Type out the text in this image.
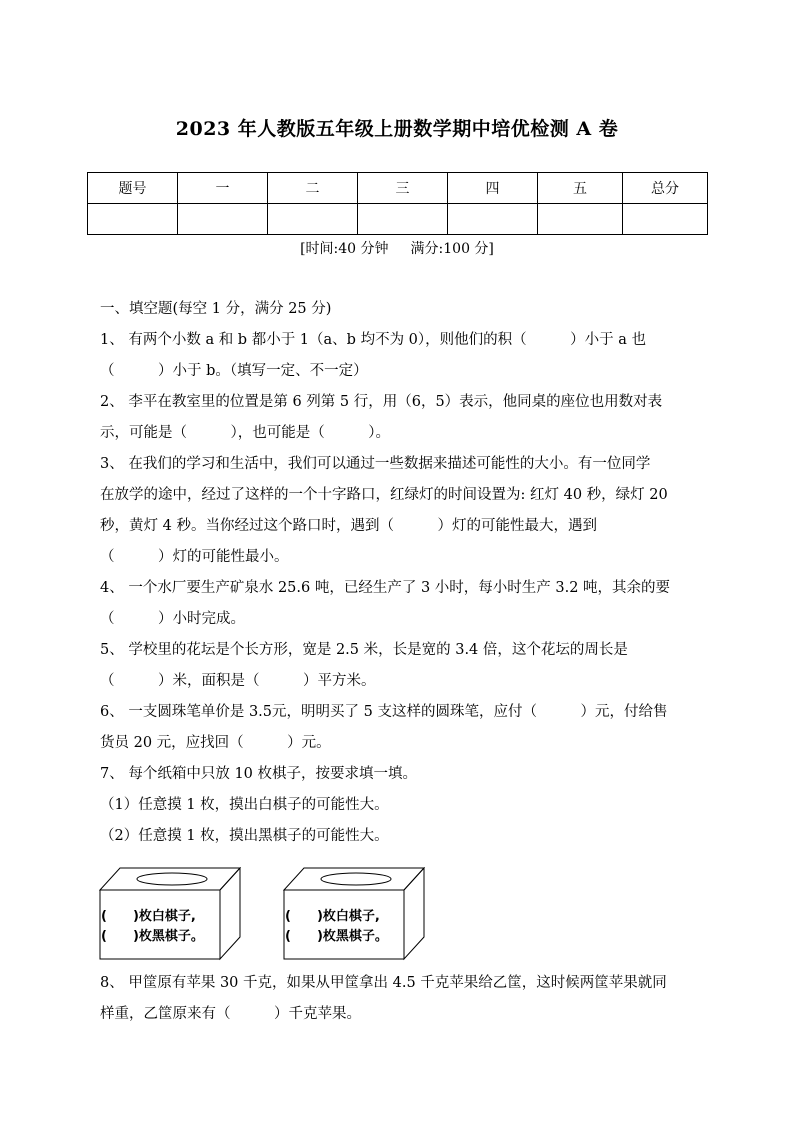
2023 年人教版五年级上册数学期中培优检测 A 卷
题号	一	二	三	四	五	总分

[时间:40 分钟 满分:100 分]
一、填空题(每空 1 分，满分 25 分)
1、 有两个小数 a 和 b 都小于 1（a、b 均不为 0），则他们的积（　　　）小于 a 也
（　　　）小于 b。（填写一定、不一定）
2、 李平在教室里的位置是第 6 列第 5 行，用（6，5）表示，他同桌的座位也用数对表
示，可能是（　　　），也可能是（　　　）。
3、 在我们的学习和生活中，我们可以通过一些数据来描述可能性的大小。有一位同学
在放学的途中，经过了这样的一个十字路口，红绿灯的时间设置为: 红灯 40 秒，绿灯 20
秒，黄灯 4 秒。当你经过这个路口时，遇到（　　　）灯的可能性最大，遇到
（　　　）灯的可能性最小。
4、 一个水厂要生产矿泉水 25.6 吨，已经生产了 3 小时，每小时生产 3.2 吨，其余的要
（　　　）小时完成。
5、 学校里的花坛是个长方形，宽是 2.5 米，长是宽的 3.4 倍，这个花坛的周长是
（　　　）米，面积是（　　　）平方米。
6、 一支圆珠笔单价是 3.5元，明明买了 5 支这样的圆珠笔，应付（　　　）元，付给售
货员 20 元，应找回（　　　）元。
7、 每个纸箱中只放 10 枚棋子，按要求填一填。
（1）任意摸 1 枚，摸出白棋子的可能性大。
（2）任意摸 1 枚，摸出黑棋子的可能性大。
(　　)枚白棋子,
(　　)枚黑棋子。
(　　)枚白棋子,
(　　)枚黑棋子。
8、 甲筐原有苹果 30 千克，如果从甲筐拿出 4.5 千克苹果给乙筐，这时候两筐苹果就同
样重，乙筐原来有（　　　）千克苹果。
